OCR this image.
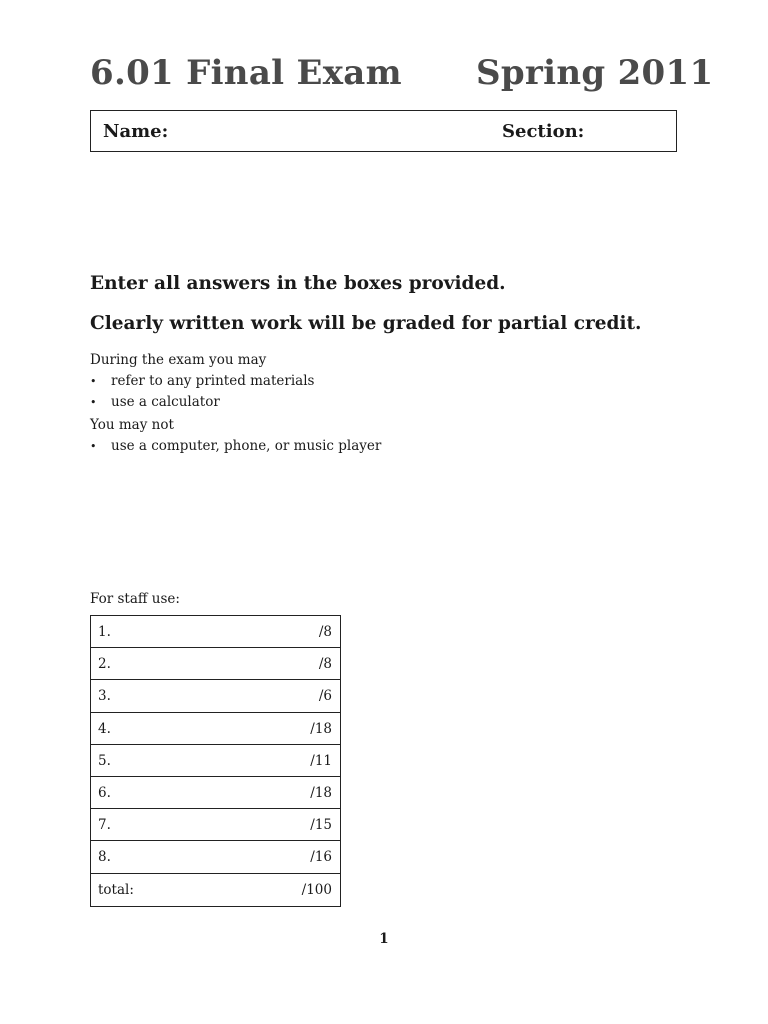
6.01 Final Exam Spring 2011
Name:	Section:
Enter all answers in the boxes provided.
Clearly written work will be graded for partial credit.
During the exam you may
• refer to any printed materials
• use a calculator
You may not
• use a computer, phone, or music player
For staff use:
1.	/8
2.	/8
3.	/6
4.	/18
5.	/11
6.	/18
7.	/15
8.	/16
total:	/100
1
